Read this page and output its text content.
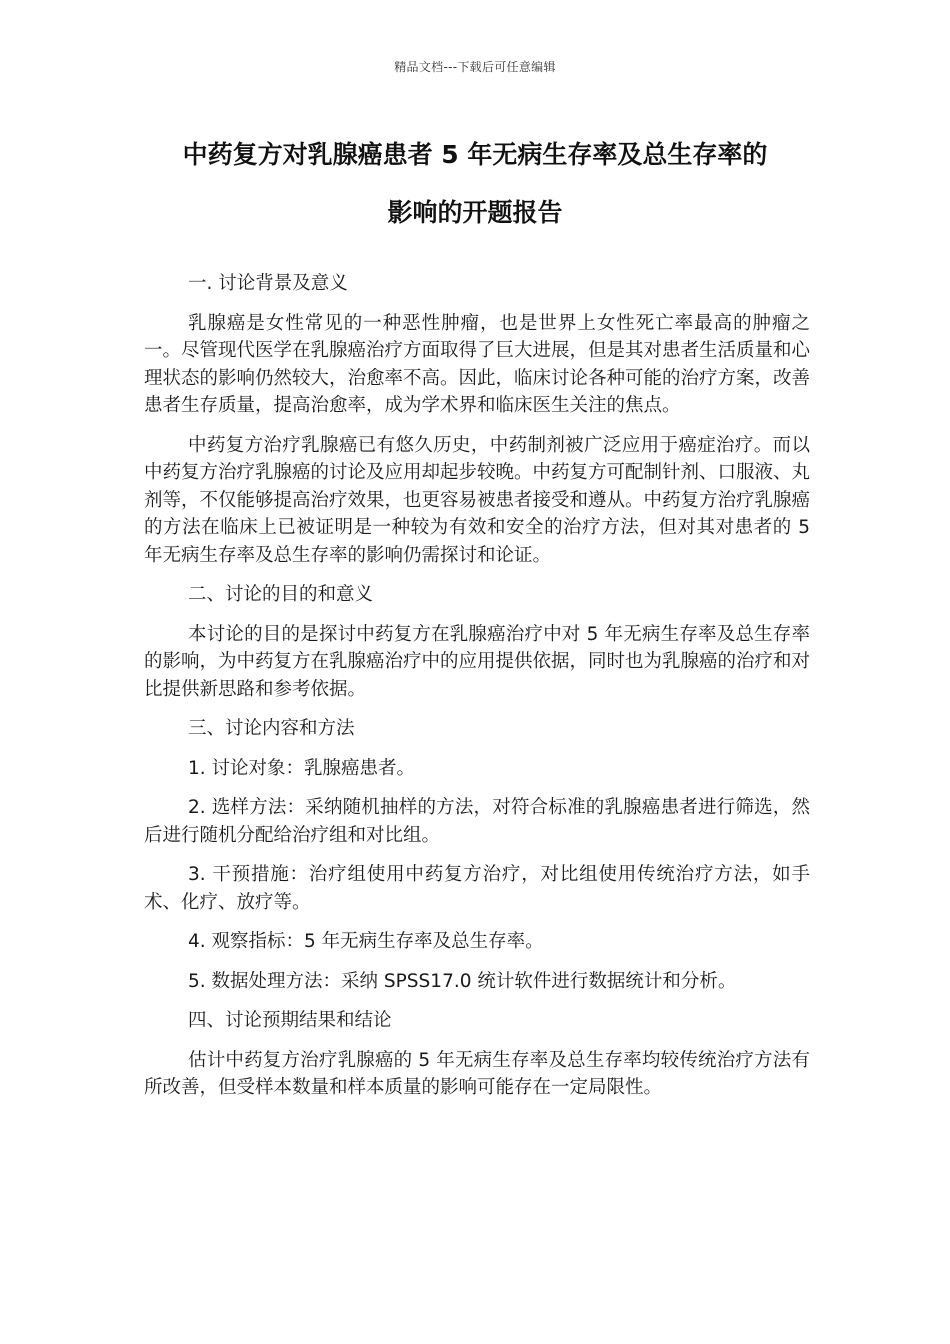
精品文档---下载后可任意编辑
中药复方对乳腺癌患者 5 年无病生存率及总生存率的
影响的开题报告

一. 讨论背景及意义

乳腺癌是女性常见的一种恶性肿瘤，也是世界上女性死亡率最高的肿瘤之一。尽管现代医学在乳腺癌治疗方面取得了巨大进展，但是其对患者生活质量和心理状态的影响仍然较大，治愈率不高。因此，临床讨论各种可能的治疗方案，改善患者生存质量，提高治愈率，成为学术界和临床医生关注的焦点。

中药复方治疗乳腺癌已有悠久历史，中药制剂被广泛应用于癌症治疗。而以中药复方治疗乳腺癌的讨论及应用却起步较晚。中药复方可配制针剂、口服液、丸剂等，不仅能够提高治疗效果，也更容易被患者接受和遵从。中药复方治疗乳腺癌的方法在临床上已被证明是一种较为有效和安全的治疗方法，但对其对患者的 5 年无病生存率及总生存率的影响仍需探讨和论证。

二、讨论的目的和意义

本讨论的目的是探讨中药复方在乳腺癌治疗中对 5 年无病生存率及总生存率的影响，为中药复方在乳腺癌治疗中的应用提供依据，同时也为乳腺癌的治疗和对比提供新思路和参考依据。

三、讨论内容和方法

1. 讨论对象：乳腺癌患者。

2. 选样方法：采纳随机抽样的方法，对符合标准的乳腺癌患者进行筛选，然后进行随机分配给治疗组和对比组。

3. 干预措施：治疗组使用中药复方治疗，对比组使用传统治疗方法，如手术、化疗、放疗等。

4. 观察指标：5 年无病生存率及总生存率。

5. 数据处理方法：采纳 SPSS17.0 统计软件进行数据统计和分析。

四、讨论预期结果和结论

估计中药复方治疗乳腺癌的 5 年无病生存率及总生存率均较传统治疗方法有所改善，但受样本数量和样本质量的影响可能存在一定局限性。
